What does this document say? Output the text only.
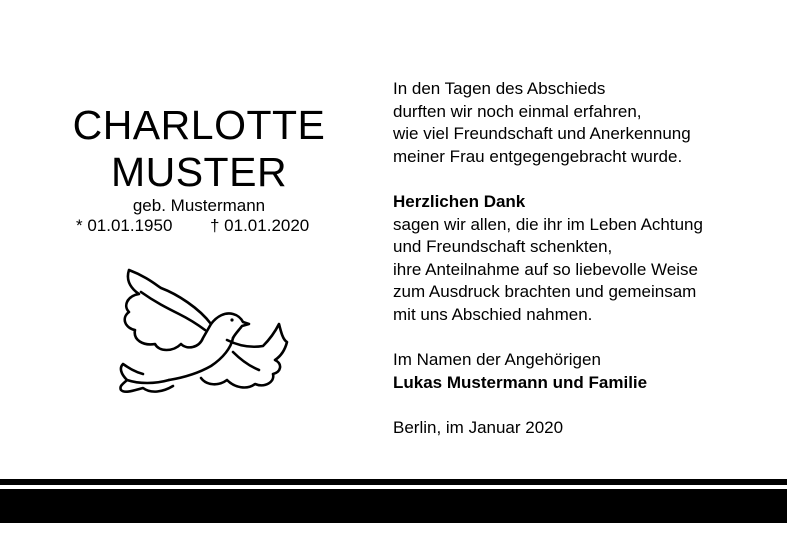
CHARLOTTE
MUSTER
geb. Mustermann
* 01.01.1950 † 01.01.2020
In den Tagen des Abschieds
durften wir noch einmal erfahren,
wie viel Freundschaft und Anerkennung
meiner Frau entgegengebracht wurde.
Herzlichen Dank
sagen wir allen, die ihr im Leben Achtung
und Freundschaft schenkten,
ihre Anteilnahme auf so liebevolle Weise
zum Ausdruck brachten und gemeinsam
mit uns Abschied nahmen.
Im Namen der Angehörigen
Lukas Mustermann und Familie
Berlin, im Januar 2020
